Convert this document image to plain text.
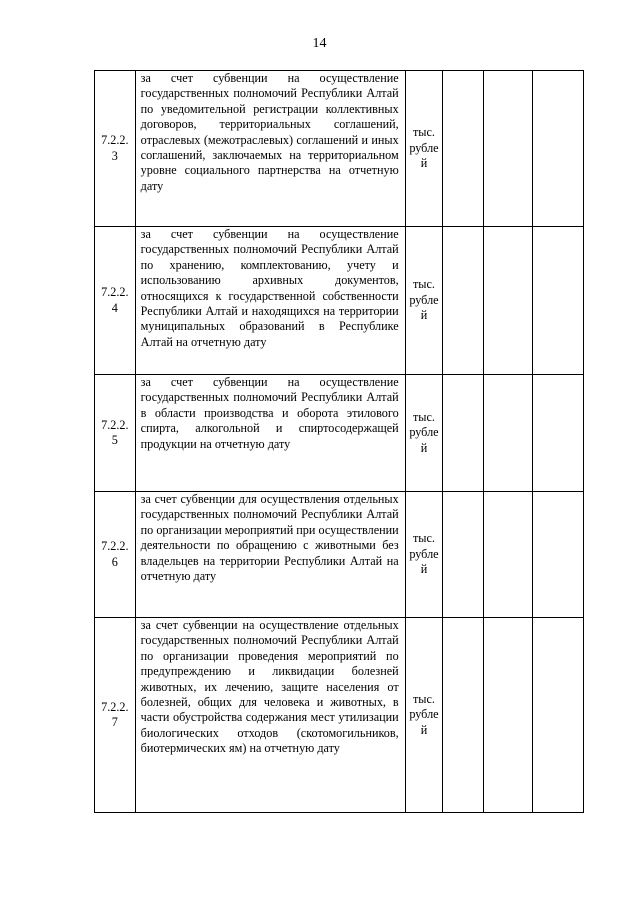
14
7.2.2.3	за счет субвенции на осуществление государственных полномочий Республики Алтай по уведомительной регистрации коллективных договоров, территориальных соглашений, отраслевых (межотраслевых) соглашений и иных соглашений, заключаемых на территориальном уровне социального партнерства на отчетную дату	тыс. рублей			
7.2.2.4	за счет субвенции на осуществление государственных полномочий Республики Алтай по хранению, комплектованию, учету и использованию архивных документов, относящихся к государственной собственности Республики Алтай и находящихся на территории муниципальных образований в Республике Алтай на отчетную дату	тыс. рублей			
7.2.2.5	за счет субвенции на осуществление государственных полномочий Республики Алтай в области производства и оборота этилового спирта, алкогольной и спиртосодержащей продукции на отчетную дату	тыс. рублей			
7.2.2.6	за счет субвенции для осуществления отдельных государственных полномочий Республики Алтай по организации мероприятий при осуществлении деятельности по обращению с животными без владельцев на территории Республики Алтай на отчетную дату	тыс. рублей			
7.2.2.7	за счет субвенции на осуществление отдельных государственных полномочий Республики Алтай по организации проведения мероприятий по предупреждению и ликвидации болезней животных, их лечению, защите населения от болезней, общих для человека и животных, в части обустройства содержания мест утилизации биологических отходов (скотомогильников, биотермических ям) на отчетную дату	тыс. рублей			
